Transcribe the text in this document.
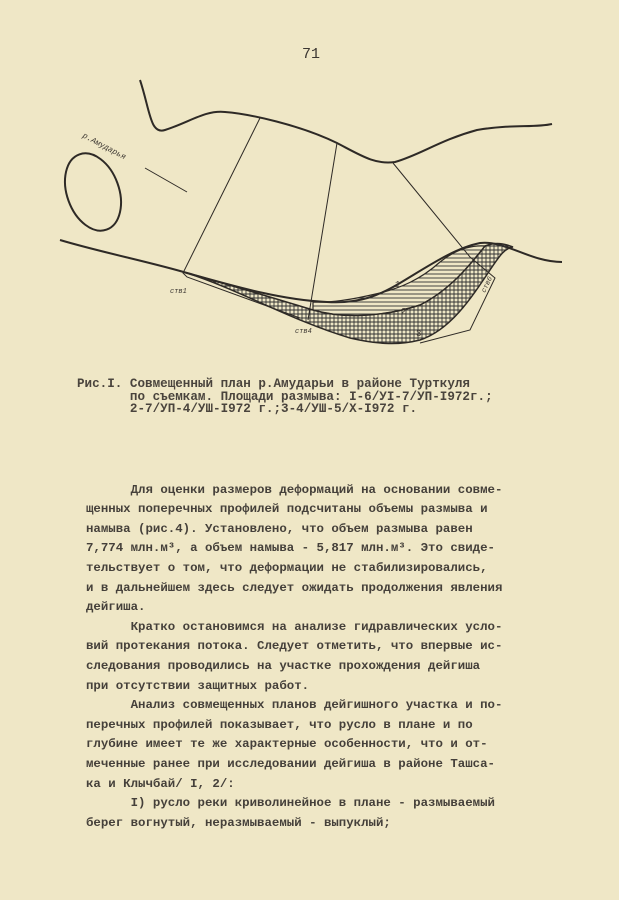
71
р.Амударья
1
2
3
ств1
ств4
ств6
Рис.I. Совмещенный план р.Амударьи в районе Турткуля
по съемкам. Площади размыва: I-6/УI-7/УП-I972г.;
2-7/УП-4/УШ-I972 г.;3-4/УШ-5/Х-I972 г.

Для оценки размеров деформаций на основании совме-
щенных поперечных профилей подсчитаны объемы размыва и
намыва (рис.4). Установлено, что объем размыва равен
7,774 млн.м³, а объем намыва - 5,817 млн.м³. Это свиде-
тельствует о том, что деформации не стабилизировались,
и в дальнейшем здесь следует ожидать продолжения явления
дейгиша.
Кратко остановимся на анализе гидравлических усло-
вий протекания потока. Следует отметить, что впервые ис-
следования проводились на участке прохождения дейгиша
при отсутствии защитных работ.
Анализ совмещенных планов дейгишного участка и по-
перечных профилей показывает, что русло в плане и по
глубине имеет те же характерные особенности, что и от-
меченные ранее при исследовании дейгиша в районе Ташса-
ка и Клычбай/ I, 2/:
I) русло реки криволинейное в плане - размываемый
берег вогнутый, неразмываемый - выпуклый;
